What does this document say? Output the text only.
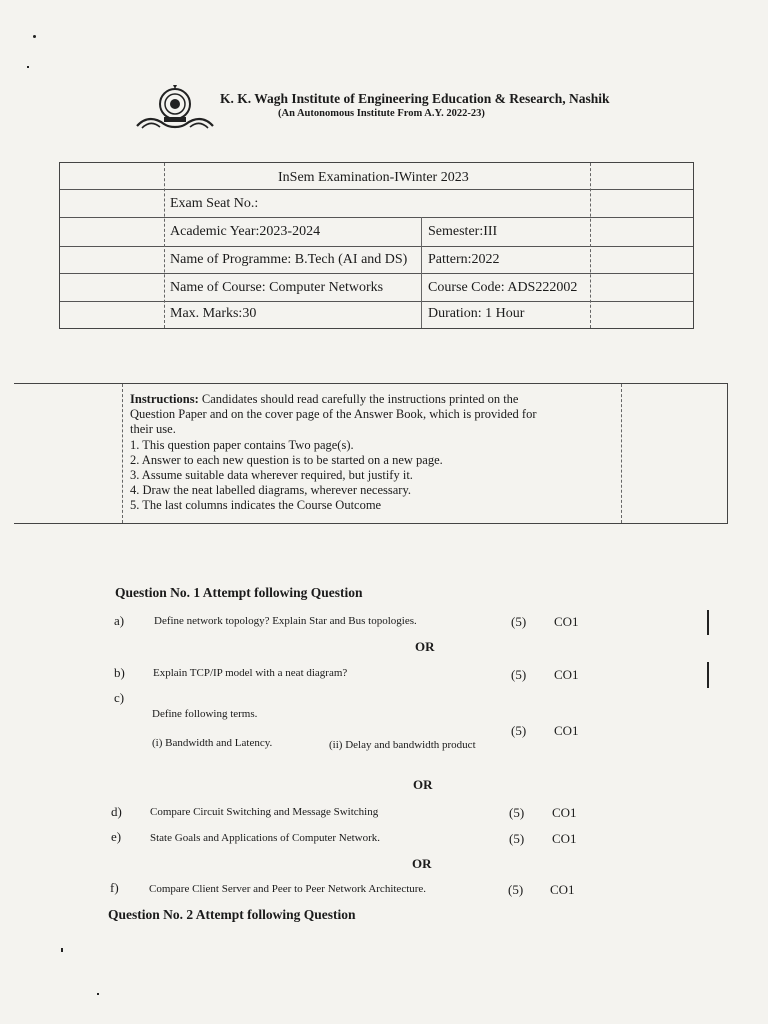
K. K. Wagh Institute of Engineering Education & Research, Nashik
(An Autonomous Institute From A.Y. 2022-23)
InSem Examination-IWinter 2023
Exam Seat No.:
Academic Year:2023-2024	Semester:III
Name of Programme: B.Tech (AI and DS) Pattern:2022
Name of Course: Computer Networks	Course Code: ADS222002
Max. Marks:30	Duration: 1 Hour
Instructions: Candidates should read carefully the instructions printed on the
Question Paper and on the cover page of the Answer Book, which is provided for
their use.
1. This question paper contains Two page(s).
2. Answer to each new question is to be started on a new page.
3. Assume suitable data wherever required, but justify it.
4. Draw the neat labelled diagrams, wherever necessary.
5. The last columns indicates the Course Outcome
Question No. 1 Attempt following Question
a)	Define network topology? Explain Star and Bus topologies.	(5) CO1
OR
b)	Explain TCP/IP model with a neat diagram?	(5) CO1
c)
Define following terms.
(i) Bandwidth and Latency.	(ii) Delay and bandwidth product
(5) CO1
OR
d)	Compare Circuit Switching and Message Switching	(5) CO1
e)	State Goals and Applications of Computer Network.	(5) CO1
OR
f)	Compare Client Server and Peer to Peer Network Architecture.	(5) CO1
Question No. 2 Attempt following Question
